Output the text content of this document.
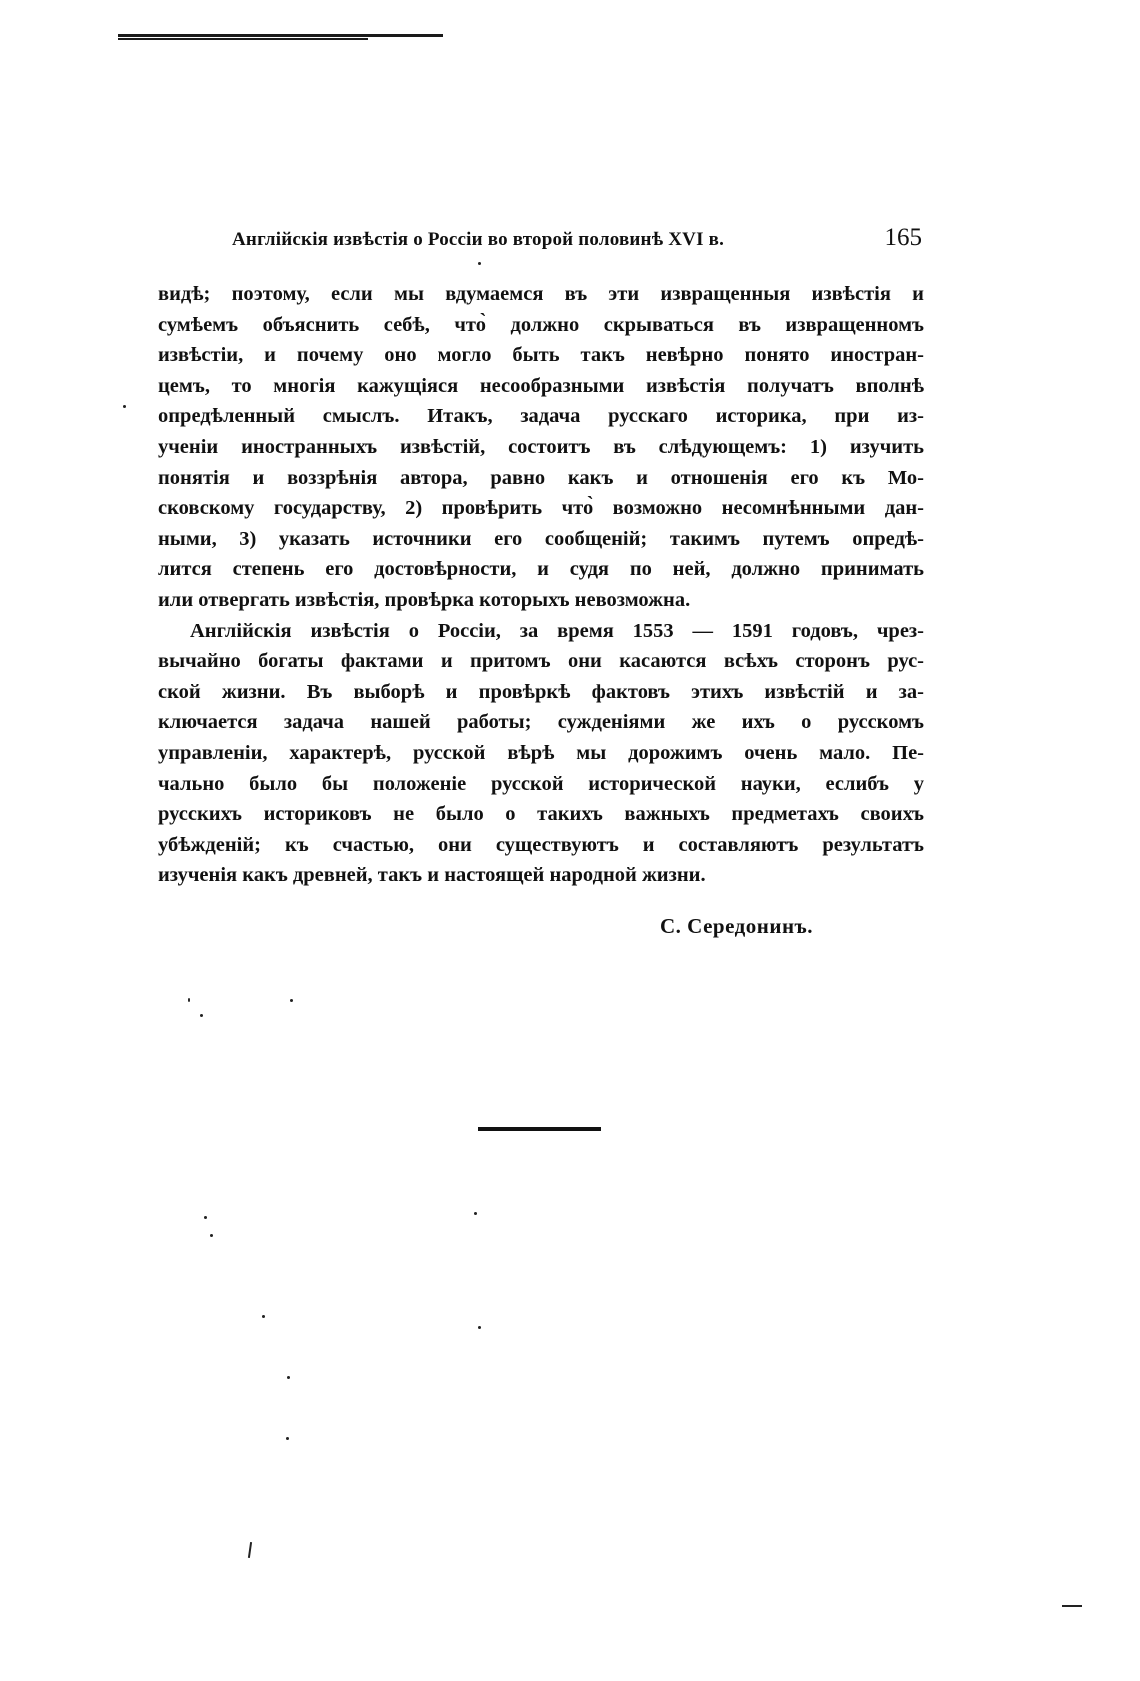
Англійскія извѣстія о Россіи во второй половинѣ XVI в.	165
видѣ; поэтому, если мы вдумаемся въ эти извращенныя извѣстія и
сумѣемъ объяснить себѣ, что̀ должно скрываться въ извращенномъ
извѣстіи, и почему оно могло быть такъ невѣрно понято иностран-
цемъ, то многія кажущіяся несообразными извѣстія получатъ вполнѣ
опредѣленный смыслъ. Итакъ, задача русскаго историка, при из-
ученіи иностранныхъ извѣстій, состоитъ въ слѣдующемъ: 1) изучить
понятія и воззрѣнія автора, равно какъ и отношенія его къ Мо-
сковскому государству, 2) провѣрить что̀ возможно несомнѣнными дан-
ными, 3) указать источники его сообщеній; такимъ путемъ опредѣ-
лится степень его достовѣрности, и судя по ней, должно принимать
или отвергать извѣстія, провѣрка которыхъ невозможна.
Англійскія извѣстія о Россіи, за время 1553 — 1591 годовъ, чрез-
вычайно богаты фактами и притомъ они касаются всѣхъ сторонъ рус-
ской жизни. Въ выборѣ и провѣркѣ фактовъ этихъ извѣстій и за-
ключается задача нашей работы; сужденіями же ихъ о русскомъ
управленіи, характерѣ, русской вѣрѣ мы дорожимъ очень мало. Пе-
чально было бы положеніе русской исторической науки, еслибъ у
русскихъ историковъ не было о такихъ важныхъ предметахъ своихъ
убѣжденій; къ счастью, они существуютъ и составляютъ результатъ
изученія какъ древней, такъ и настоящей народной жизни.
С. Середонинъ.
